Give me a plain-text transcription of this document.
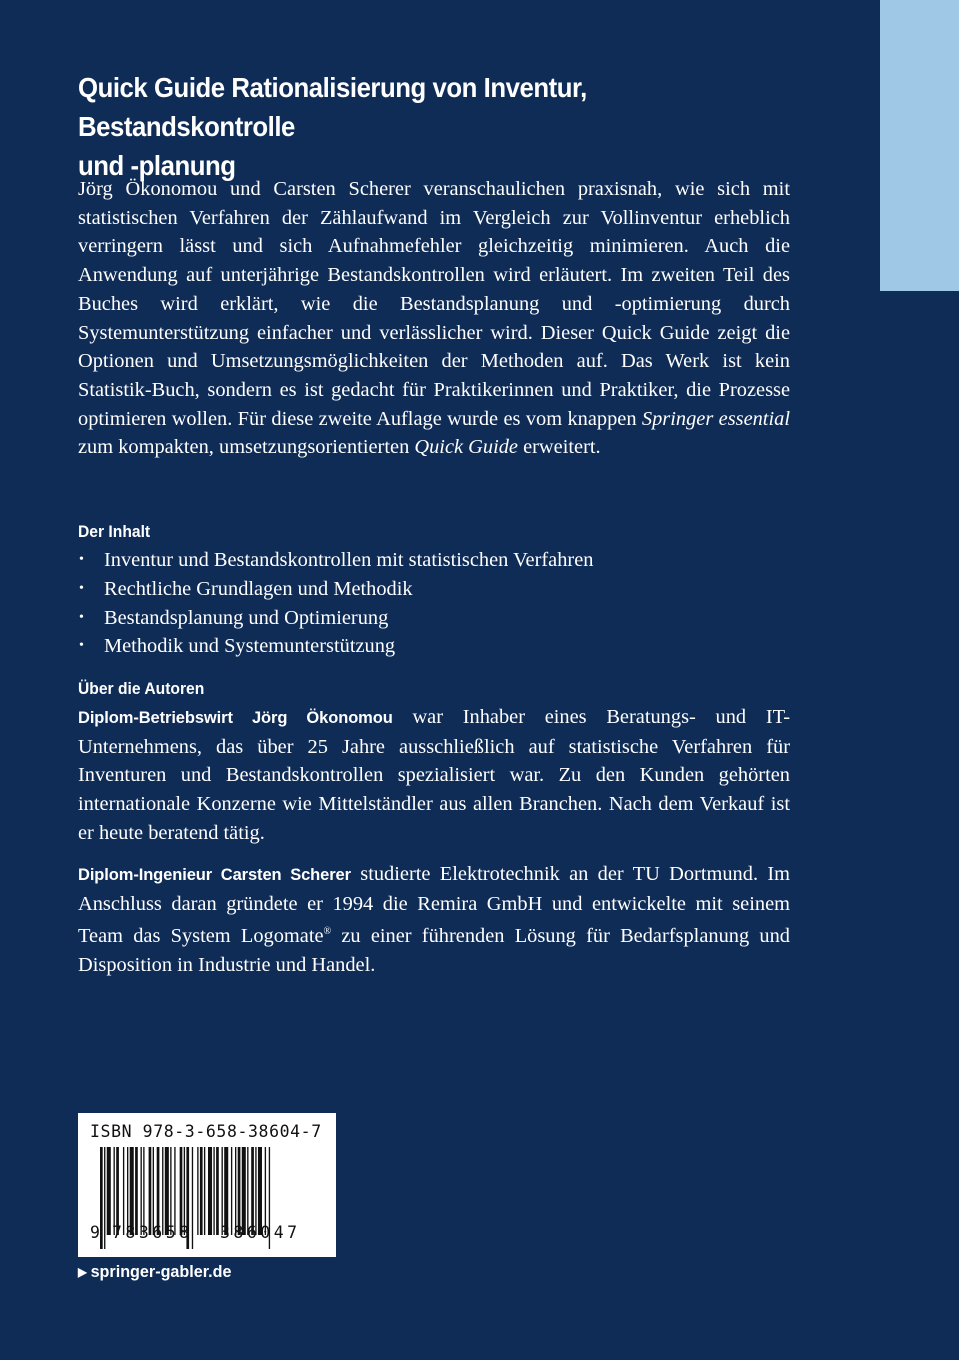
Quick Guide Rationalisierung von Inventur, Bestandskontrolle
und -planung

Jörg Ökonomou und Carsten Scherer veranschaulichen praxisnah, wie sich mit statistischen Verfahren der Zählaufwand im Vergleich zur Vollinventur erheblich verringern lässt und sich Aufnahmefehler gleichzeitig minimieren. Auch die Anwendung auf unterjährige Bestandskontrollen wird erläutert. Im zweiten Teil des Buches wird erklärt, wie die Bestandsplanung und -optimierung durch Systemunterstützung einfacher und verlässlicher wird. Dieser Quick Guide zeigt die Optionen und Umsetzungsmöglichkeiten der Methoden auf. Das Werk ist kein Statistik-Buch, sondern es ist gedacht für Praktikerinnen und Praktiker, die Prozesse optimieren wollen. Für diese zweite Auflage wurde es vom knappen Springer essential zum kompakten, umsetzungsorientierten Quick Guide erweitert.

Der Inhalt
• Inventur und Bestandskontrollen mit statistischen Verfahren
• Rechtliche Grundlagen und Methodik
• Bestandsplanung und Optimierung
• Methodik und Systemunterstützung
Über die Autoren

Diplom-Betriebswirt Jörg Ökonomou war Inhaber eines Beratungs- und IT-Unternehmens, das über 25 Jahre ausschließlich auf statistische Verfahren für Inventuren und Bestandskontrollen spezialisiert war. Zu den Kunden gehörten internationale Konzerne wie Mittelständler aus allen Branchen. Nach dem Verkauf ist er heute beratend tätig.

Diplom-Ingenieur Carsten Scherer studierte Elektrotechnik an der TU Dortmund. Im Anschluss daran gründete er 1994 die Remira GmbH und entwickelte mit seinem Team das System Logomate® zu einer führenden Lösung für Bedarfsplanung und Disposition in Industrie und Handel.

ISBN 978-3-658-38604-7
9 783658 386047
▶ springer-gabler.de
